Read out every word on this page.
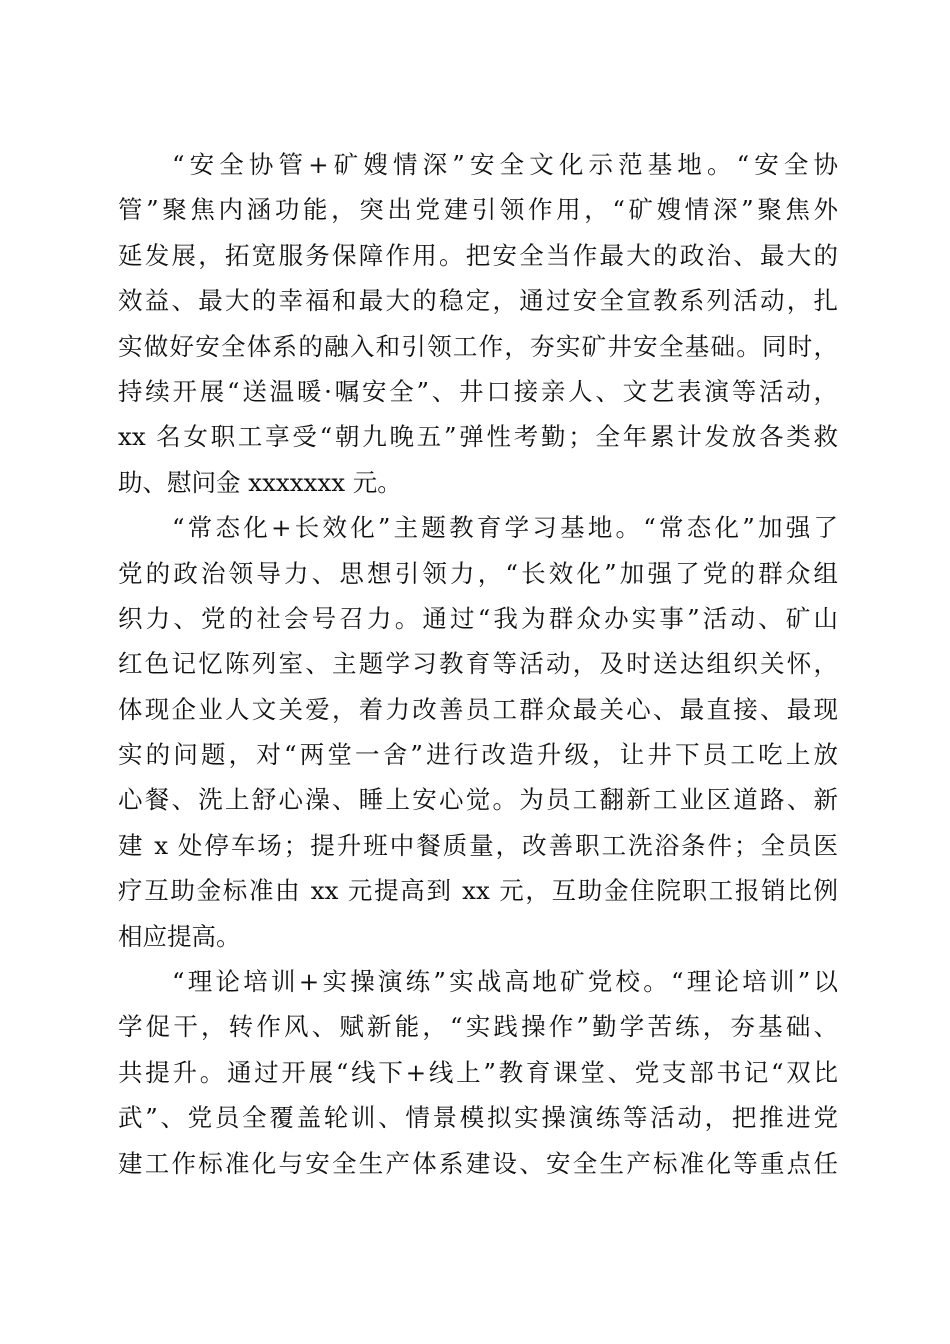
“安全协管+矿嫂情深”安全文化示范基地。“安全协
管”聚焦内涵功能，突出党建引领作用，“矿嫂情深”聚焦外
延发展，拓宽服务保障作用。把安全当作最大的政治、最大的
效益、最大的幸福和最大的稳定，通过安全宣教系列活动，扎
实做好安全体系的融入和引领工作，夯实矿井安全基础。同时，
持续开展“送温暖·嘱安全”、井口接亲人、文艺表演等活动，
xx 名女职工享受“朝九晚五”弹性考勤；全年累计发放各类救
助、慰问金 xxxxxxx 元。

“常态化+长效化”主题教育学习基地。“常态化”加强了
党的政治领导力、思想引领力，“长效化”加强了党的群众组
织力、党的社会号召力。通过“我为群众办实事”活动、矿山
红色记忆陈列室、主题学习教育等活动，及时送达组织关怀，
体现企业人文关爱，着力改善员工群众最关心、最直接、最现
实的问题，对“两堂一舍”进行改造升级，让井下员工吃上放
心餐、洗上舒心澡、睡上安心觉。为员工翻新工业区道路、新
建 x 处停车场；提升班中餐质量，改善职工洗浴条件；全员医
疗互助金标准由 xx 元提高到 xx 元，互助金住院职工报销比例
相应提高。

“理论培训+实操演练”实战高地矿党校。“理论培训”以
学促干，转作风、赋新能，“实践操作”勤学苦练，夯基础、
共提升。通过开展“线下+线上”教育课堂、党支部书记“双比
武”、党员全覆盖轮训、情景模拟实操演练等活动，把推进党
建工作标准化与安全生产体系建设、安全生产标准化等重点任
